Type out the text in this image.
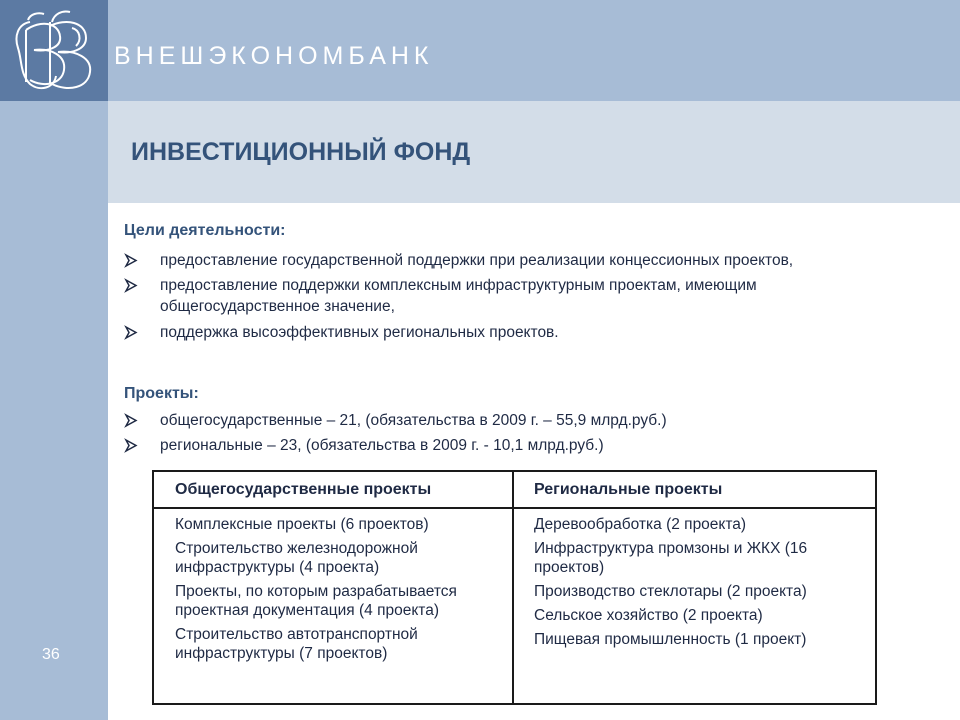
ВНЕШЭКОНОМБАНК
ИНВЕСТИЦИОННЫЙ ФОНД
36
Цели деятельности:
предоставление государственной поддержки при реализации концессионных проектов,
предоставление поддержки комплексным инфраструктурным проектам, имеющим общегосударственное значение,
поддержка высоэффективных региональных проектов.
Проекты:
общегосударственные – 21, (обязательства в 2009 г. – 55,9 млрд.руб.)
региональные – 23, (обязательства в 2009 г. - 10,1 млрд.руб.)
Общегосударственные проекты	Региональные проекты
Комплексные проекты (6 проектов)
Строительство железнодорожной инфраструктуры (4 проекта)
Проекты, по которым разрабатывается проектная документация (4 проекта)
Строительство автотранспортной инфраструктуры (7 проектов)
Деревообработка (2 проекта)
Инфраструктура промзоны и ЖКХ (16 проектов)
Производство стеклотары (2 проекта)
Сельское хозяйство (2 проекта)
Пищевая промышленность (1 проект)
